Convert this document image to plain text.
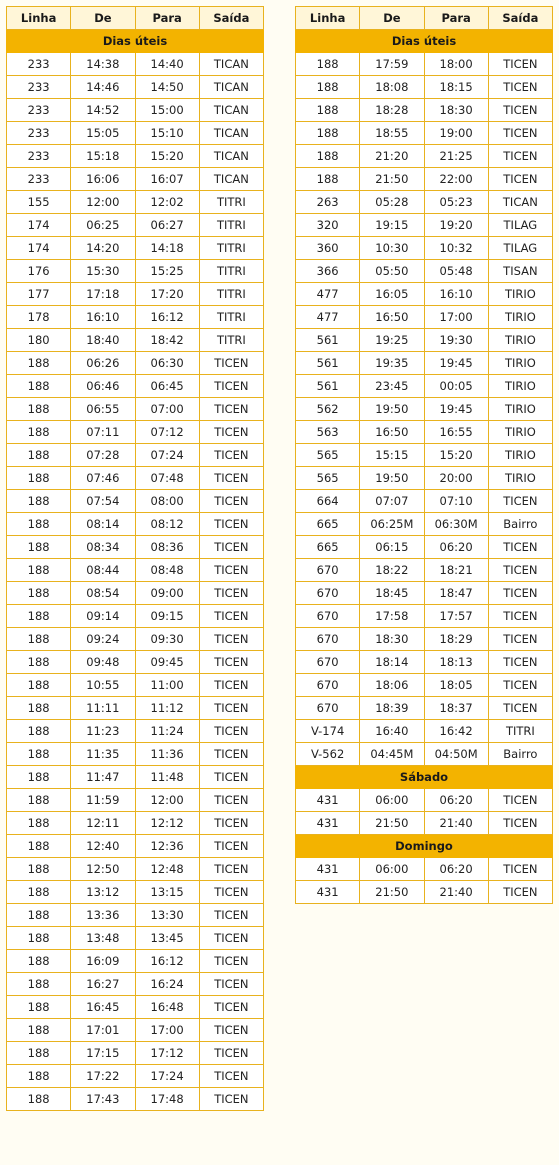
Linha	De	Para	Saída
Dias úteis			
233	14:38	14:40	TICAN
233	14:46	14:50	TICAN
233	14:52	15:00	TICAN
233	15:05	15:10	TICAN
233	15:18	15:20	TICAN
233	16:06	16:07	TICAN
155	12:00	12:02	TITRI
174	06:25	06:27	TITRI
174	14:20	14:18	TITRI
176	15:30	15:25	TITRI
177	17:18	17:20	TITRI
178	16:10	16:12	TITRI
180	18:40	18:42	TITRI
188	06:26	06:30	TICEN
188	06:46	06:45	TICEN
188	06:55	07:00	TICEN
188	07:11	07:12	TICEN
188	07:28	07:24	TICEN
188	07:46	07:48	TICEN
188	07:54	08:00	TICEN
188	08:14	08:12	TICEN
188	08:34	08:36	TICEN
188	08:44	08:48	TICEN
188	08:54	09:00	TICEN
188	09:14	09:15	TICEN
188	09:24	09:30	TICEN
188	09:48	09:45	TICEN
188	10:55	11:00	TICEN
188	11:11	11:12	TICEN
188	11:23	11:24	TICEN
188	11:35	11:36	TICEN
188	11:47	11:48	TICEN
188	11:59	12:00	TICEN
188	12:11	12:12	TICEN
188	12:40	12:36	TICEN
188	12:50	12:48	TICEN
188	13:12	13:15	TICEN
188	13:36	13:30	TICEN
188	13:48	13:45	TICEN
188	16:09	16:12	TICEN
188	16:27	16:24	TICEN
188	16:45	16:48	TICEN
188	17:01	17:00	TICEN
188	17:15	17:12	TICEN
188	17:22	17:24	TICEN
188	17:43	17:48	TICEN
Linha	De	Para	Saída
Dias úteis			
188	17:59	18:00	TICEN
188	18:08	18:15	TICEN
188	18:28	18:30	TICEN
188	18:55	19:00	TICEN
188	21:20	21:25	TICEN
188	21:50	22:00	TICEN
263	05:28	05:23	TICAN
320	19:15	19:20	TILAG
360	10:30	10:32	TILAG
366	05:50	05:48	TISAN
477	16:05	16:10	TIRIO
477	16:50	17:00	TIRIO
561	19:25	19:30	TIRIO
561	19:35	19:45	TIRIO
561	23:45	00:05	TIRIO
562	19:50	19:45	TIRIO
563	16:50	16:55	TIRIO
565	15:15	15:20	TIRIO
565	19:50	20:00	TIRIO
664	07:07	07:10	TICEN
665	06:25M	06:30M	Bairro
665	06:15	06:20	TICEN
670	18:22	18:21	TICEN
670	18:45	18:47	TICEN
670	17:58	17:57	TICEN
670	18:30	18:29	TICEN
670	18:14	18:13	TICEN
670	18:06	18:05	TICEN
670	18:39	18:37	TICEN
V-174	16:40	16:42	TITRI
V-562	04:45M	04:50M	Bairro
Sábado			
431	06:00	06:20	TICEN
431	21:50	21:40	TICEN
Domingo			
431	06:00	06:20	TICEN
431	21:50	21:40	TICEN
